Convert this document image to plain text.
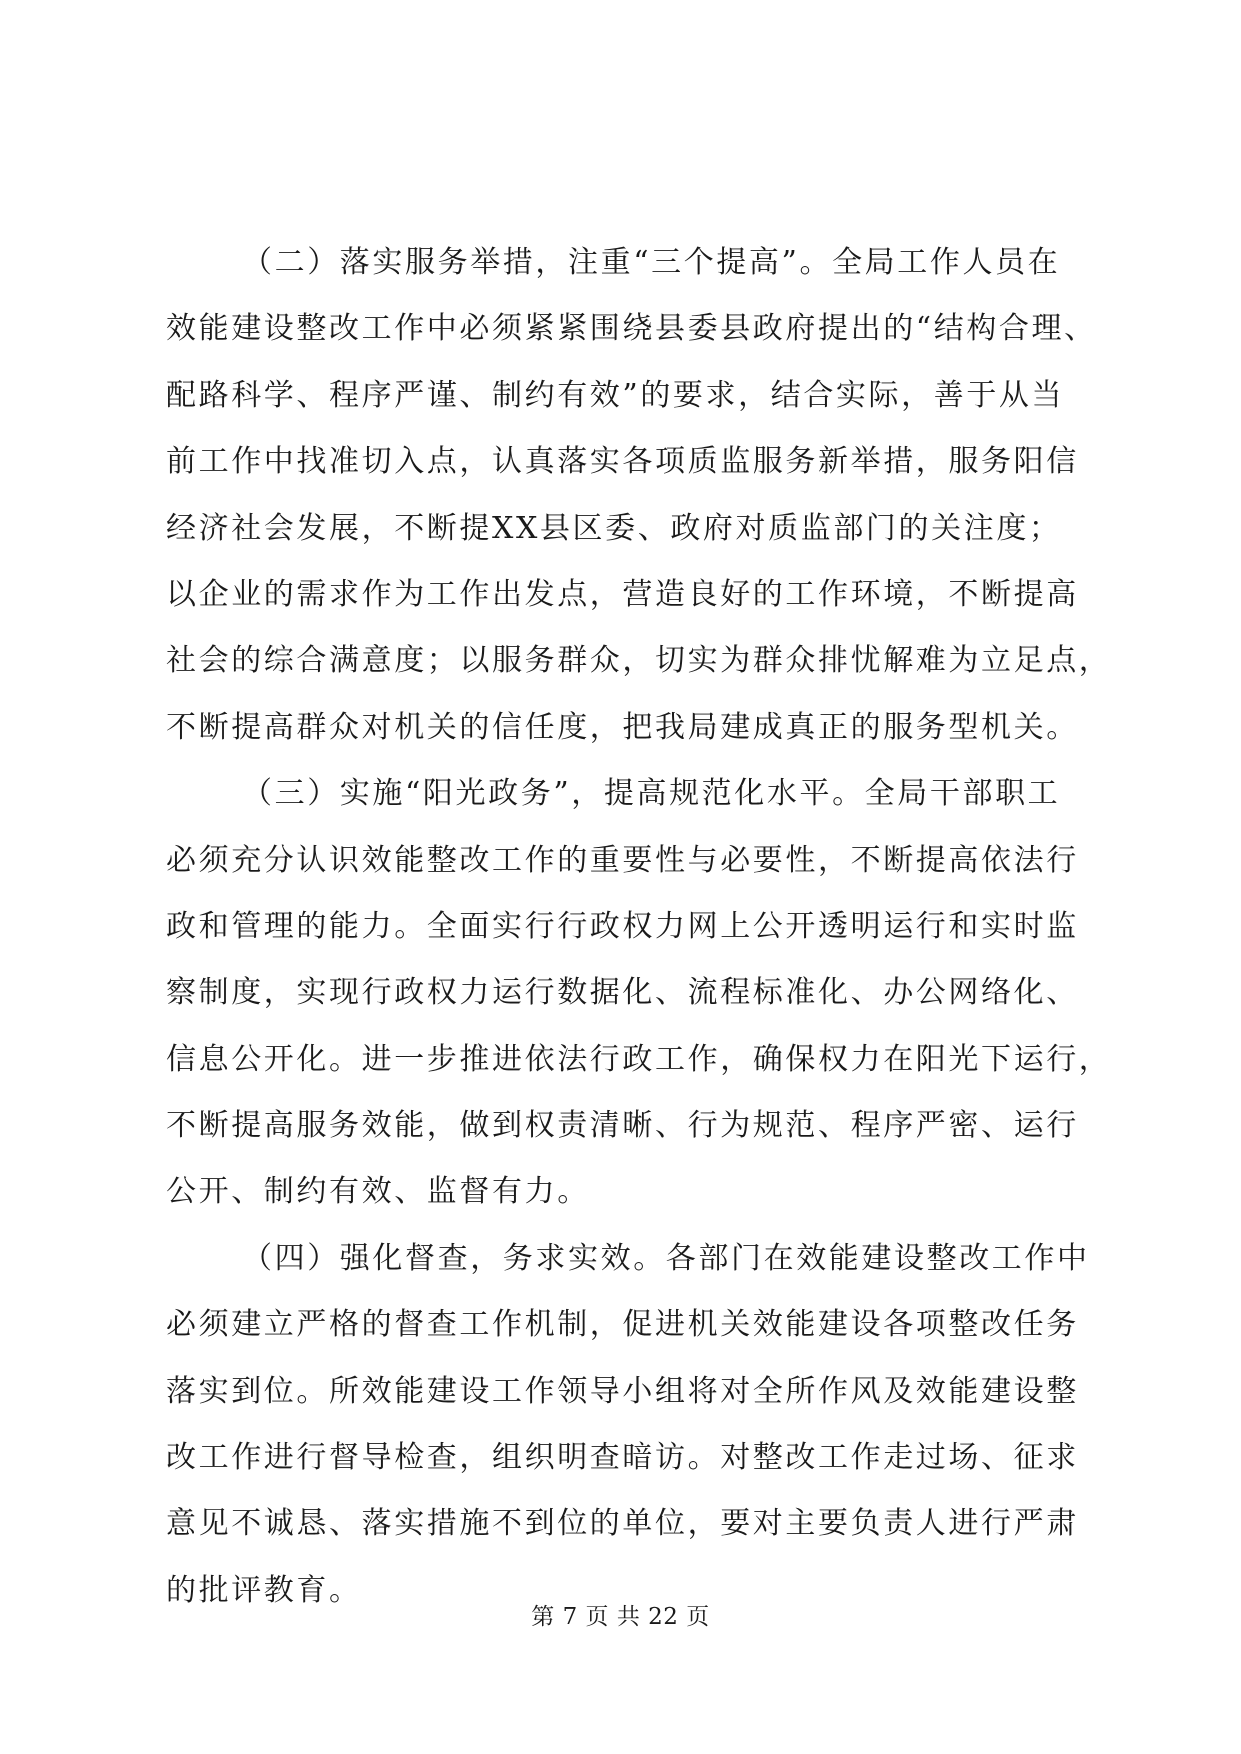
（二）落实服务举措，注重“三个提高”。全局工作人员在
效能建设整改工作中必须紧紧围绕县委县政府提出的“结构合理、
配路科学、程序严谨、制约有效”的要求，结合实际，善于从当
前工作中找准切入点，认真落实各项质监服务新举措，服务阳信
经济社会发展，不断提XX县区委、政府对质监部门的关注度；
以企业的需求作为工作出发点，营造良好的工作环境，不断提高
社会的综合满意度；以服务群众，切实为群众排忧解难为立足点，
不断提高群众对机关的信任度，把我局建成真正的服务型机关。
（三）实施“阳光政务”，提高规范化水平。全局干部职工
必须充分认识效能整改工作的重要性与必要性，不断提高依法行
政和管理的能力。全面实行行政权力网上公开透明运行和实时监
察制度，实现行政权力运行数据化、流程标准化、办公网络化、
信息公开化。进一步推进依法行政工作，确保权力在阳光下运行，
不断提高服务效能，做到权责清晰、行为规范、程序严密、运行
公开、制约有效、监督有力。
（四）强化督查，务求实效。各部门在效能建设整改工作中
必须建立严格的督查工作机制，促进机关效能建设各项整改任务
落实到位。所效能建设工作领导小组将对全所作风及效能建设整
改工作进行督导检查，组织明查暗访。对整改工作走过场、征求
意见不诚恳、落实措施不到位的单位，要对主要负责人进行严肃
的批评教育。
第 7 页 共 22 页
